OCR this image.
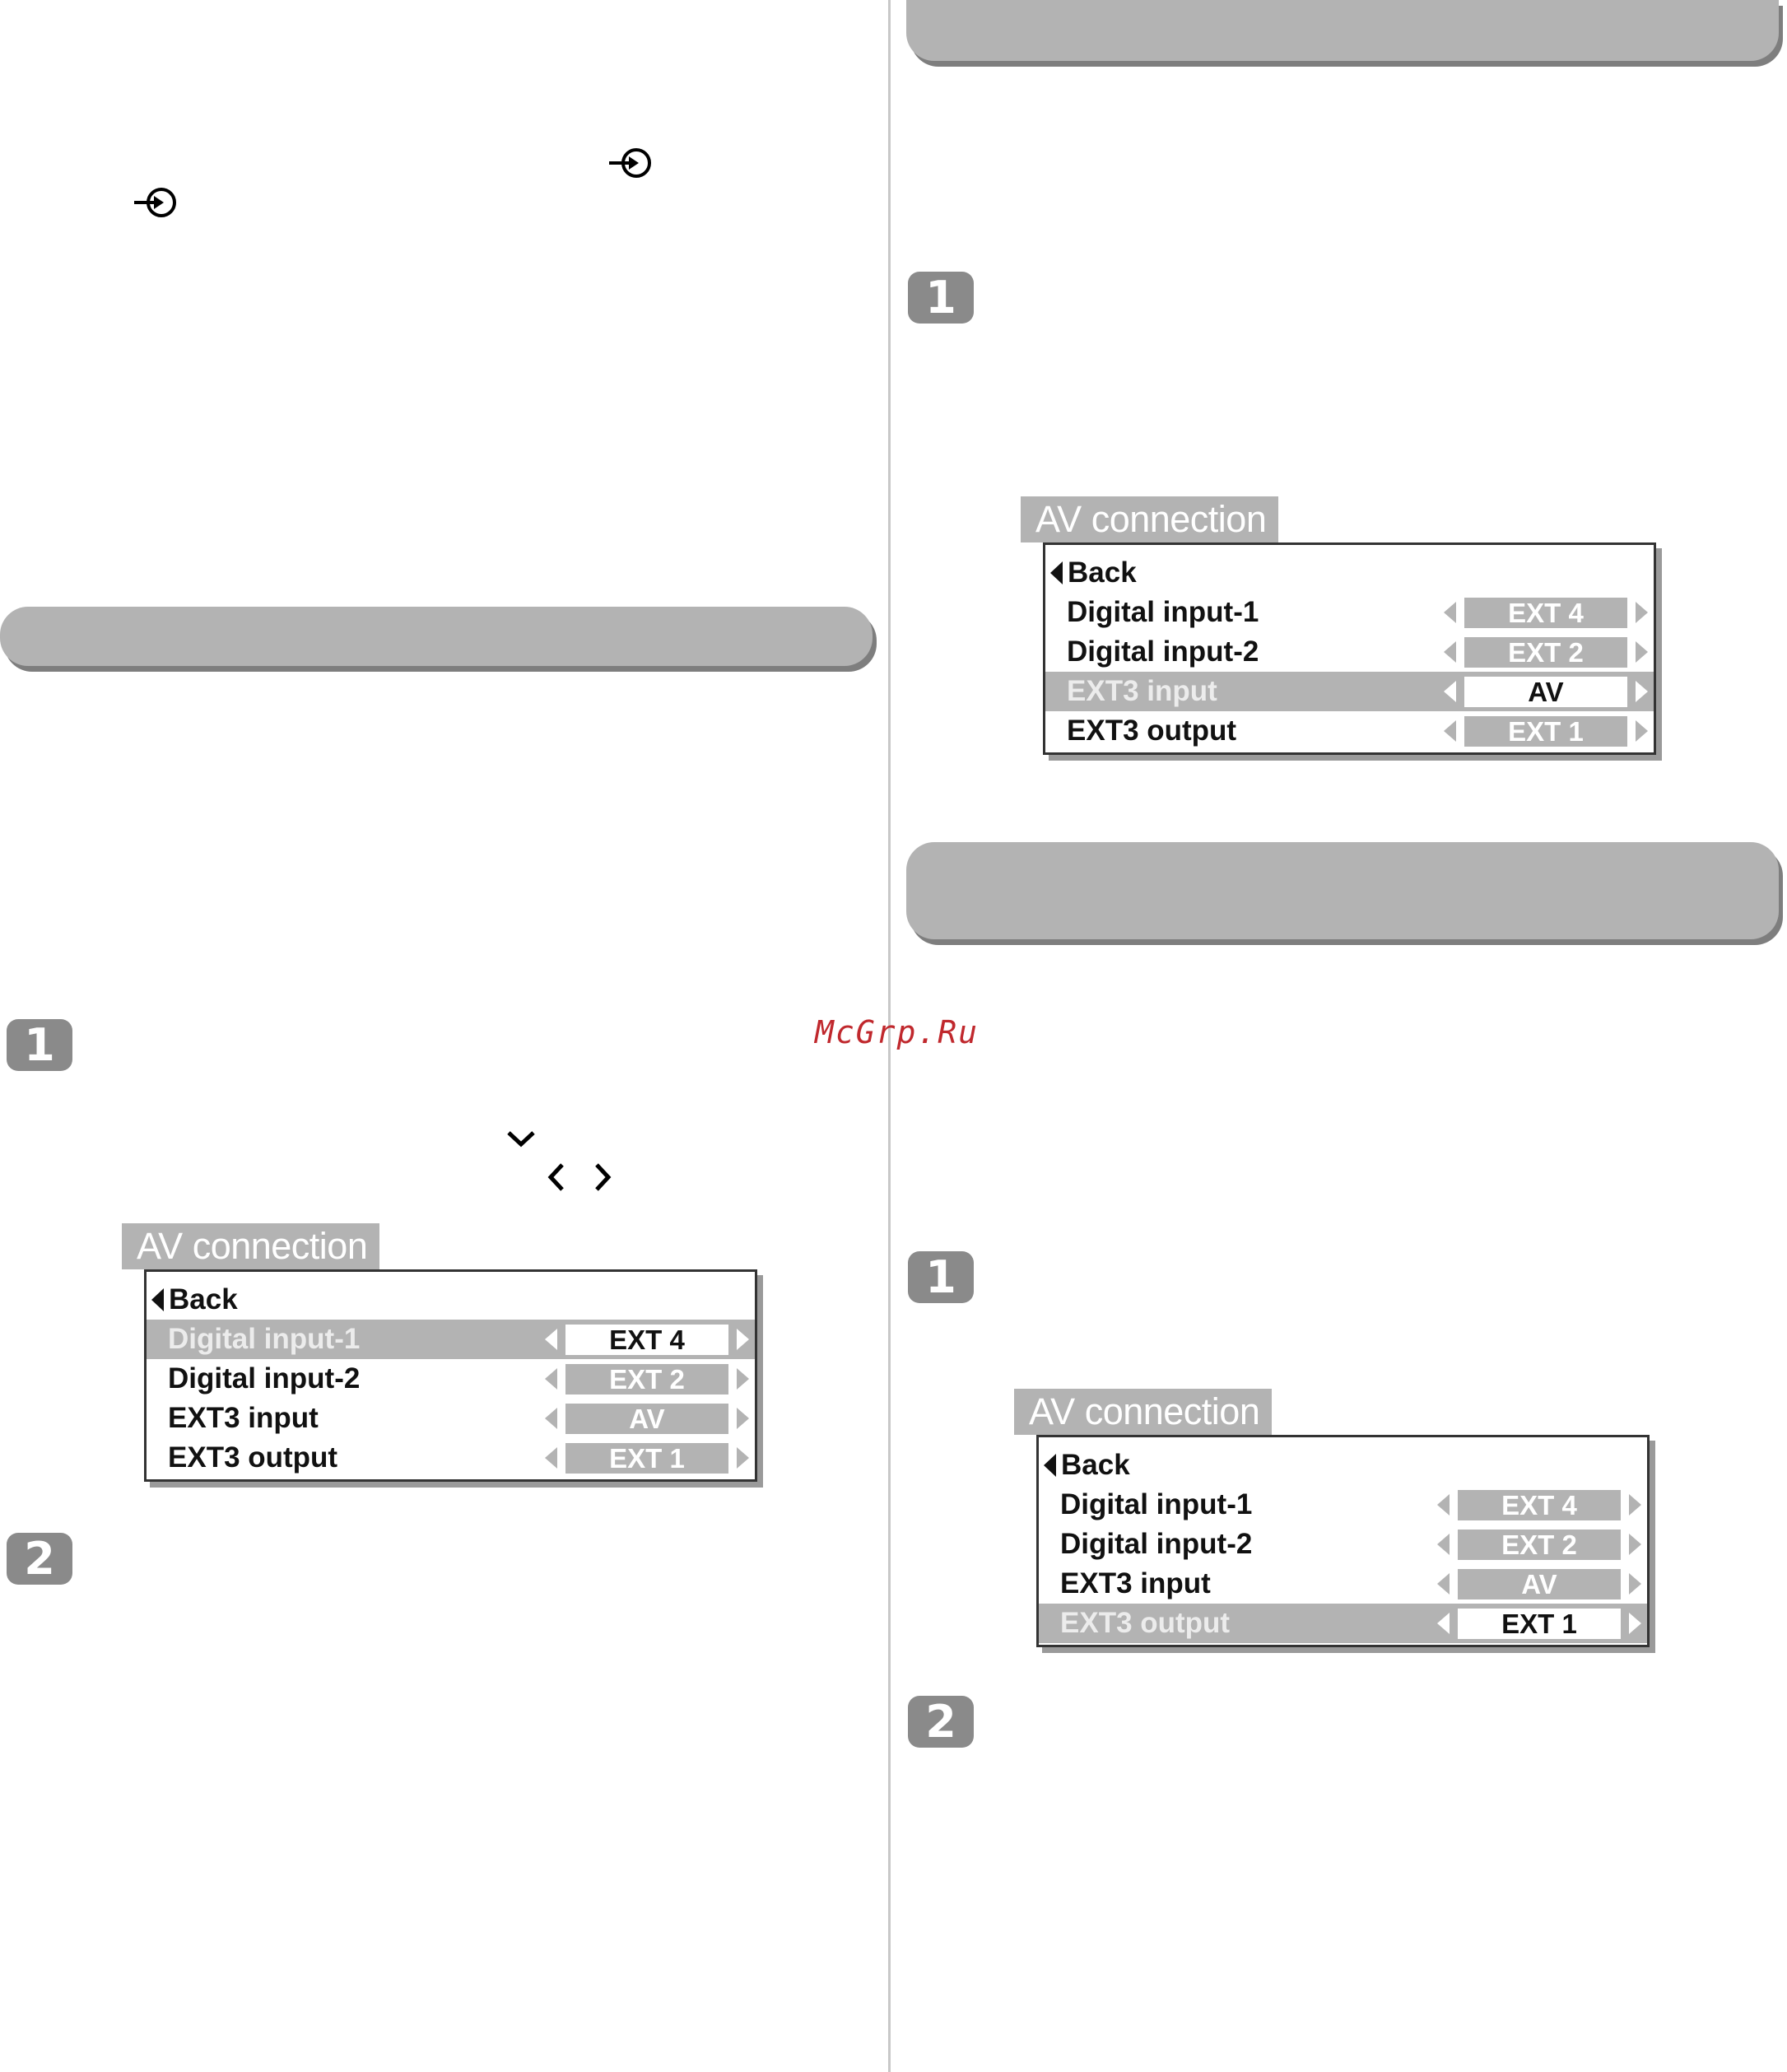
1
2
1
1
2
McGrp.Ru
AV connection
Back
Digital input-1	EXT 4
Digital input-2	EXT 2
EXT3 input	AV
EXT3 output	EXT 1
AV connection
Back
Digital input-1	EXT 4
Digital input-2	EXT 2
EXT3 input	AV
EXT3 output	EXT 1
AV connection
Back
Digital input-1	EXT 4
Digital input-2	EXT 2
EXT3 input	AV
EXT3 output	EXT 1
